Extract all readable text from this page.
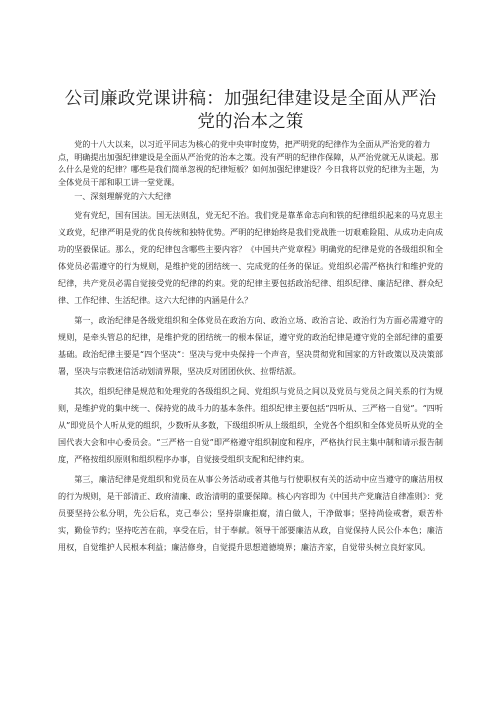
公司廉政党课讲稿：加强纪律建设是全面从严治党的治本之策

党的十八大以来，以习近平同志为核心的党中央审时度势，把严明党的纪律作为全面从严治党的着力点，明确提出加强纪律建设是全面从严治党的治本之策。没有严明的纪律作保障，从严治党就无从谈起。那么什么是党的纪律？哪些是我们简单忽视的纪律短板？如何加强纪律建设？今日我将以党的纪律为主题，为全体党员干部和职工讲一堂党课。

一、深刻理解党的六大纪律

党有党纪，国有国法。国无法则乱，党无纪不治。我们党是靠革命志向和铁的纪律组织起来的马克思主义政党，纪律严明是党的优良传统和独特优势。严明的纪律始终是我们党战胜一切艰难险阻、从成功走向成功的坚毅保证。那么，党的纪律包含哪些主要内容？《中国共产党章程》明确党的纪律是党的各级组织和全体党员必需遵守的行为规则，是维护党的团结统一、完成党的任务的保证。党组织必需严格执行和维护党的纪律，共产党员必需自觉接受党的纪律的约束。党的纪律主要包括政治纪律、组织纪律、廉洁纪律、群众纪律、工作纪律、生活纪律。这六大纪律的内涵是什么？

第一，政治纪律是各级党组织和全体党员在政治方向、政治立场、政治言论、政治行为方面必需遵守的规则，是牵头管总的纪律，是维护党的团结统一的根本保证，遵守党的政治纪律是遵守党的全部纪律的重要基础。政治纪律主要是“四个坚决”：坚决与党中央保持一个声音，坚决贯彻党和国家的方针政策以及决策部署，坚决与宗教迷信活动划清界限，坚决反对团团伙伙、拉帮结派。

其次，组织纪律是规范和处理党的各级组织之间、党组织与党员之间以及党员与党员之间关系的行为规则，是维护党的集中统一、保持党的战斗力的基本条件。组织纪律主要包括“四听从、三严格一自觉”。“四听从”即党员个人听从党的组织，少数听从多数，下级组织听从上级组织，全党各个组织和全体党员听从党的全国代表大会和中心委员会。“三严格一自觉”即严格遵守组织制度和程序，严格执行民主集中制和请示报告制度，严格按组织原则和组织程序办事，自觉接受组织支配和纪律约束。

第三，廉洁纪律是党组织和党员在从事公务活动或者其他与行使职权有关的活动中应当遵守的廉洁用权的行为规则，是干部清正、政府清廉、政治清明的重要保障。核心内容即为《中国共产党廉洁自律准则》：党员要坚持公私分明，先公后私，克己奉公；坚持崇廉拒腐，清白做人，干净做事；坚持尚俭戒奢，艰苦朴实，勤俭节约；坚持吃苦在前，享受在后，甘于奉献。领导干部要廉洁从政，自觉保持人民公仆本色；廉洁用权，自觉维护人民根本利益；廉洁修身，自觉提升思想道德境界；廉洁齐家，自觉带头树立良好家风。
